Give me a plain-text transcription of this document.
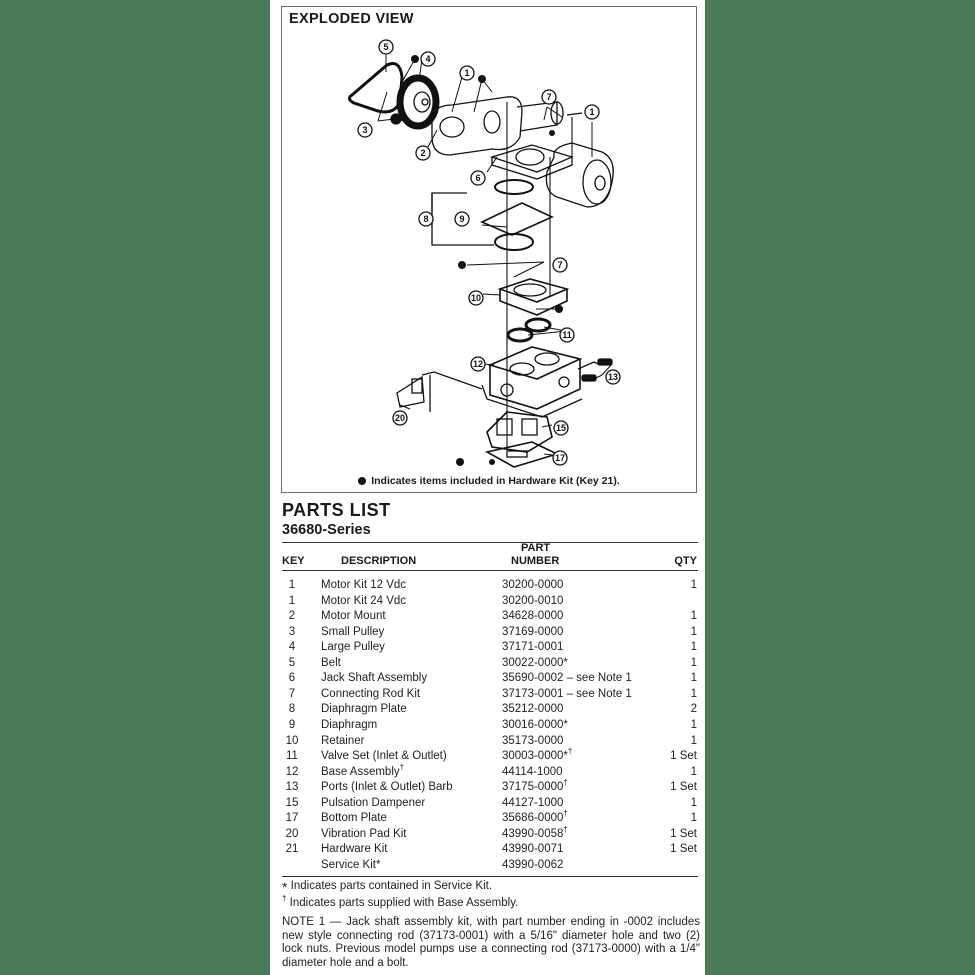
EXPLODED VIEW
5
4
1
3
2
7
1
6
8	9
7
10
11
12
13
20
15
17
Indicates items included in Hardware Kit (Key 21).
PARTS LIST
36680-Series
KEY	DESCRIPTION
PART
NUMBER	QTY
1	Motor Kit 12 Vdc	30200-0000	1
1	Motor Kit 24 Vdc	30200-0010
2	Motor Mount	34628-0000	1
3	Small Pulley	37169-0000	1
4	Large Pulley	37171-0001	1
5	Belt	30022-0000*	1
6	Jack Shaft Assembly	35690-0002 – see Note 1	1
7	Connecting Rod Kit	37173-0001 – see Note 1	1
8	Diaphragm Plate	35212-0000	2
9	Diaphragm	30016-0000*	1
10	Retainer	35173-0000	1
11	Valve Set (Inlet & Outlet)	30003-0000*†	1 Set
12	Base Assembly†	44114-1000	1
13	Ports (Inlet & Outlet) Barb	37175-0000†	1 Set
15	Pulsation Dampener	44127-1000	1
17	Bottom Plate	35686-0000†	1
20	Vibration Pad Kit	43990-0058†	1 Set
21	Hardware Kit	43990-0071	1 Set
Service Kit*	43990-0062
* Indicates parts contained in Service Kit.
† Indicates parts supplied with Base Assembly.
NOTE 1 — Jack shaft assembly kit, with part number ending in -0002 includes new style connecting rod (37173-0001) with a 5/16" diameter hole and two (2) lock nuts. Previous model pumps use a connecting rod (37173-0000) with a 1/4" diameter hole and a bolt.
